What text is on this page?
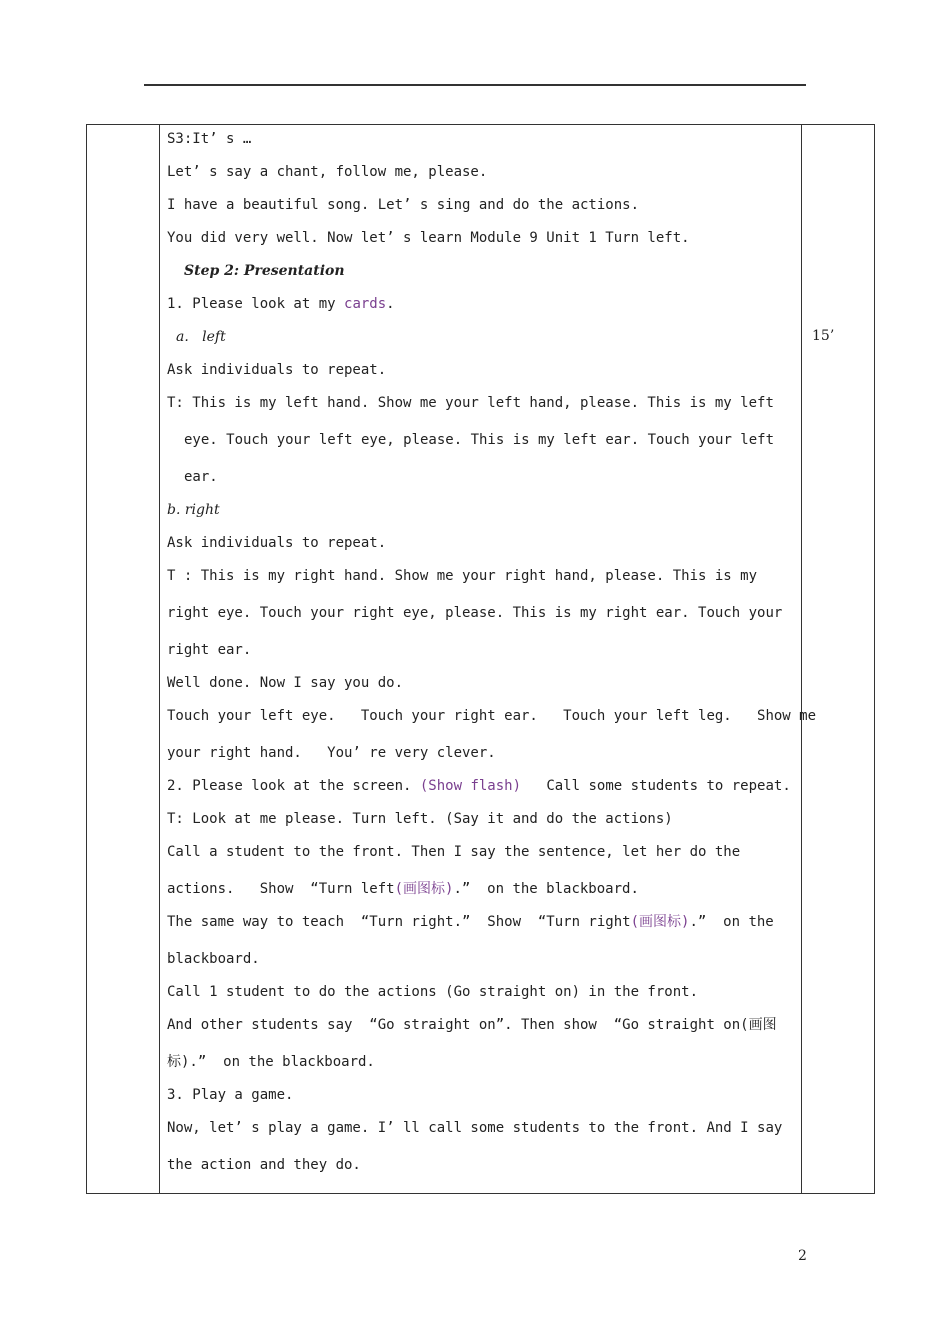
15’
S3:It’ s …
Let’ s say a chant, follow me, please.
I have a beautiful song. Let’ s sing and do the actions.
You did very well. Now let’ s learn Module 9 Unit 1 Turn left.
Step 2: Presentation
1. Please look at my cards.
a.   left
Ask individuals to repeat.
T: This is my left hand. Show me your left hand, please. This is my left
eye. Touch your left eye, please. This is my left ear. Touch your left
ear.
b. right
Ask individuals to repeat.
T : This is my right hand. Show me your right hand, please. This is my
right eye. Touch your right eye, please. This is my right ear. Touch your
right ear.
Well done. Now I say you do.
Touch your left eye.   Touch your right ear.   Touch your left leg.   Show me
your right hand.   You’ re very clever.
2. Please look at the screen. (Show flash)   Call some students to repeat.
T: Look at me please. Turn left. (Say it and do the actions)
Call a student to the front. Then I say the sentence, let her do the
actions.   Show  “Turn left(画图标).”  on the blackboard.
The same way to teach  “Turn right.”  Show  “Turn right(画图标).”  on the
blackboard.
Call 1 student to do the actions (Go straight on) in the front.
And other students say  “Go straight on”. Then show  “Go straight on(画图
标).”  on the blackboard.
3. Play a game.
Now, let’ s play a game. I’ ll call some students to the front. And I say
the action and they do.
2
